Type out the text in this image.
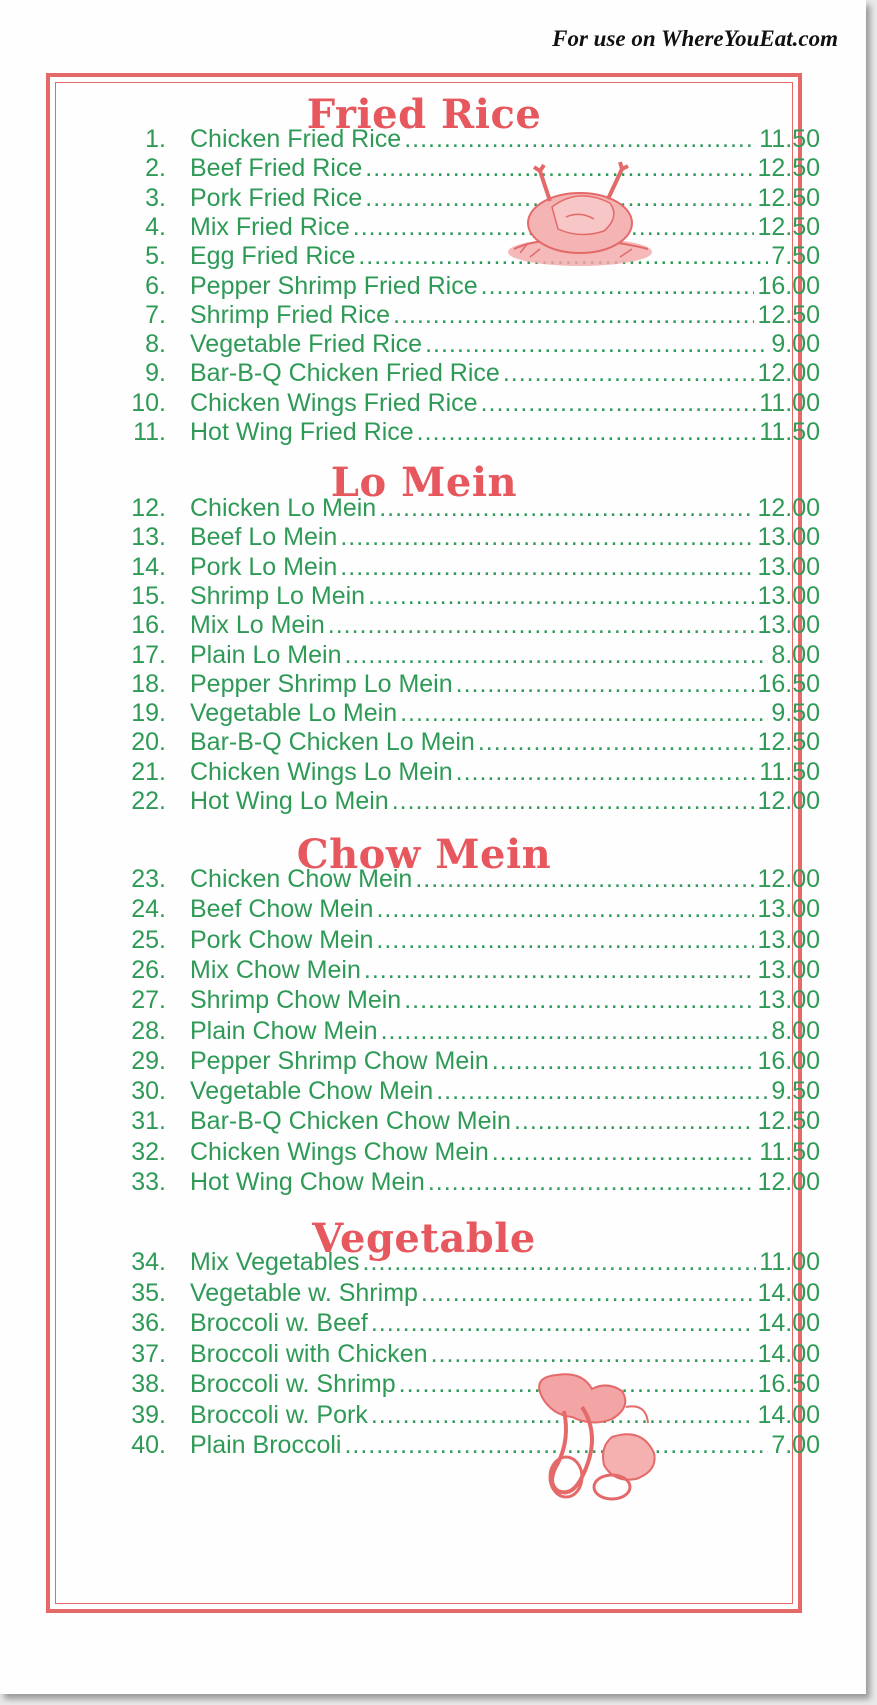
For use on WhereYouEat.com
Fried Rice
1. Chicken Fried Rice .....	11.50
2. Beef Fried Rice .....	12.50
3. Pork Fried Rice .....	12.50
4. Mix Fried Rice .....	12.50
5. Egg Fried Rice .....	7.50
6. Pepper Shrimp Fried Rice .....	16.00
7. Shrimp Fried Rice .....	12.50
8. Vegetable Fried Rice .....	9.00
9. Bar-B-Q Chicken Fried Rice .....	12.00
10. Chicken Wings Fried Rice .....	11.00
11. Hot Wing Fried Rice .....	11.50
Lo Mein
12. Chicken Lo Mein .....	12.00
13. Beef Lo Mein .....	13.00
14. Pork Lo Mein .....	13.00
15. Shrimp Lo Mein .....	13.00
16. Mix Lo Mein .....	13.00
17. Plain Lo Mein .....	8.00
18. Pepper Shrimp Lo Mein .....	16.50
19. Vegetable Lo Mein .....	9.50
20. Bar-B-Q Chicken Lo Mein .....	12.50
21. Chicken Wings Lo Mein .....	11.50
22. Hot Wing Lo Mein .....	12.00
Chow Mein
23. Chicken Chow Mein .....	12.00
24. Beef Chow Mein .....	13.00
25. Pork Chow Mein .....	13.00
26. Mix Chow Mein .....	13.00
27. Shrimp Chow Mein .....	13.00
28. Plain Chow Mein .....	8.00
29. Pepper Shrimp Chow Mein .....	16.00
30. Vegetable Chow Mein .....	9.50
31. Bar-B-Q Chicken Chow Mein .....	12.50
32. Chicken Wings Chow Mein .....	11.50
33. Hot Wing Chow Mein .....	12.00
Vegetable
34. Mix Vegetables .....	11.00
35. Vegetable w. Shrimp .....	14.00
36. Broccoli w. Beef .....	14.00
37. Broccoli with Chicken .....	14.00
38. Broccoli w. Shrimp .....	16.50
39. Broccoli w. Pork .....	14.00
40. Plain Broccoli .....	7.00
